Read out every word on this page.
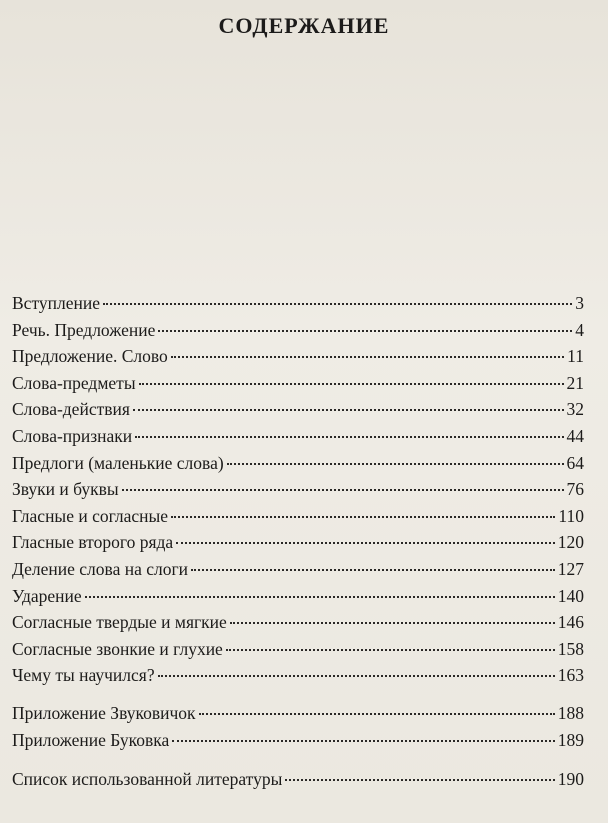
СОДЕРЖАНИЕ
Вступление	3
Речь. Предложение	4
Предложение. Слово	11
Слова-предметы	21
Слова-действия	32
Слова-признаки	44
Предлоги (маленькие слова)	64
Звуки и буквы	76
Гласные и согласные	110
Гласные второго ряда	120
Деление слова на слоги	127
Ударение	140
Согласные твердые и мягкие	146
Согласные звонкие и глухие	158
Чему ты научился?	163
Приложение Звуковичок	188
Приложение Буковка	189
Список использованной литературы	190
